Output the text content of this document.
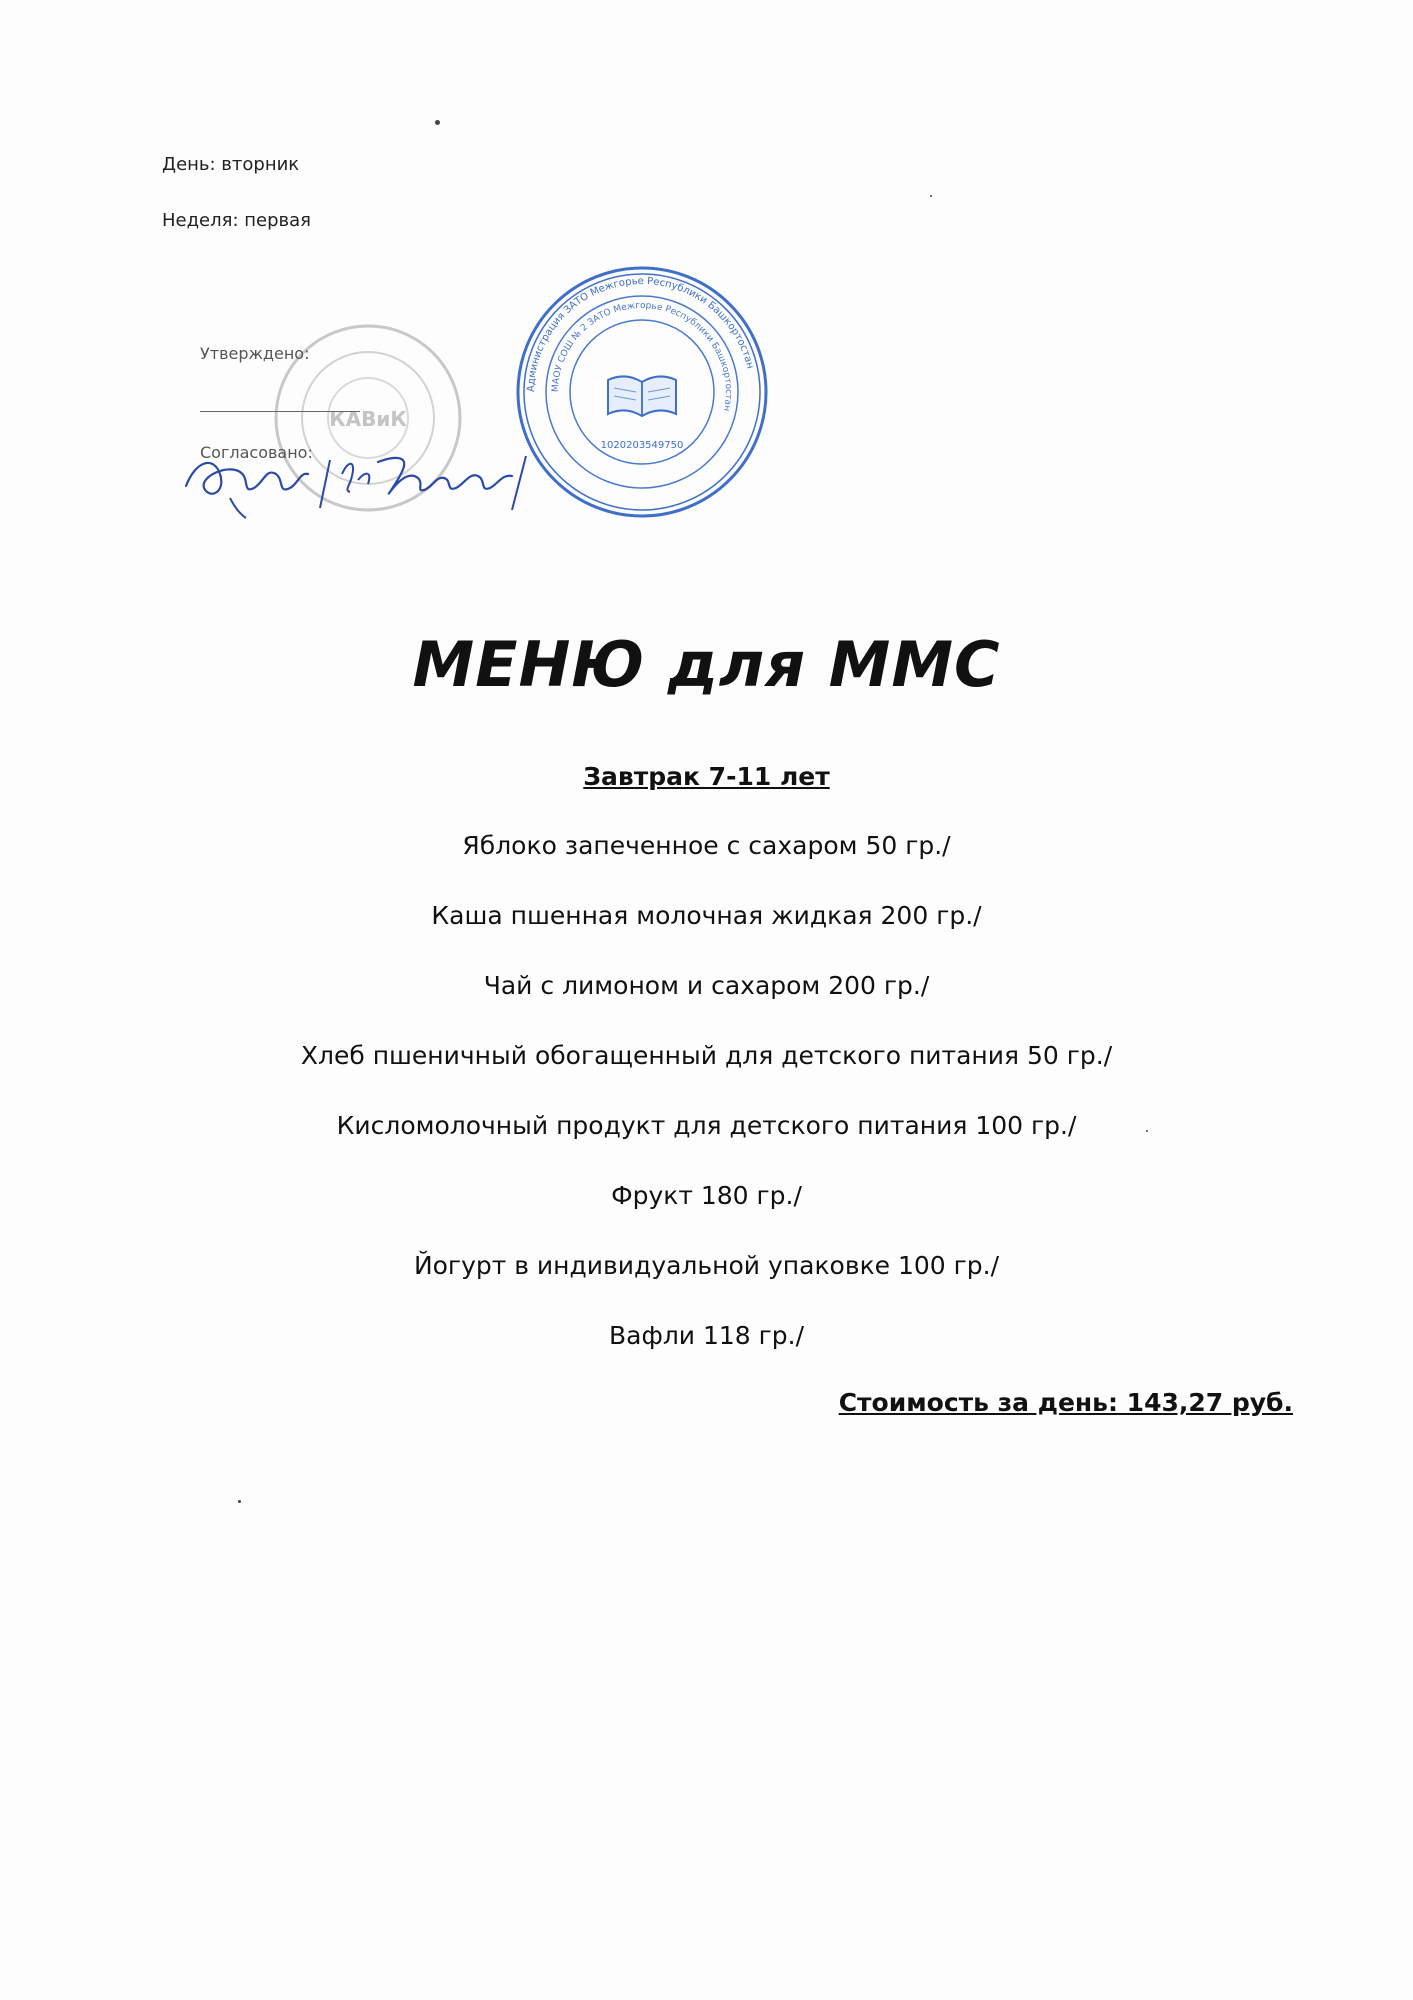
День: вторник
Неделя: первая
КАВиК
Утверждено:
Согласовано:
Администрация ЗАТО Межгорье Республики Башкортостан
МАОУ СОШ № 2 ЗАТО Межгорье Республики Башкортостан
1020203549750
МЕНЮ для ММС
Завтрак 7-11 лет
Яблоко запеченное с сахаром 50 гр./
Каша пшенная молочная жидкая 200 гр./
Чай с лимоном и сахаром 200 гр./
Хлеб пшеничный обогащенный для детского питания 50 гр./
Кисломолочный продукт для детского питания 100 гр./
Фрукт 180 гр./
Йогурт в индивидуальной упаковке 100 гр./
Вафли 118 гр./
Стоимость за день: 143,27 руб.
